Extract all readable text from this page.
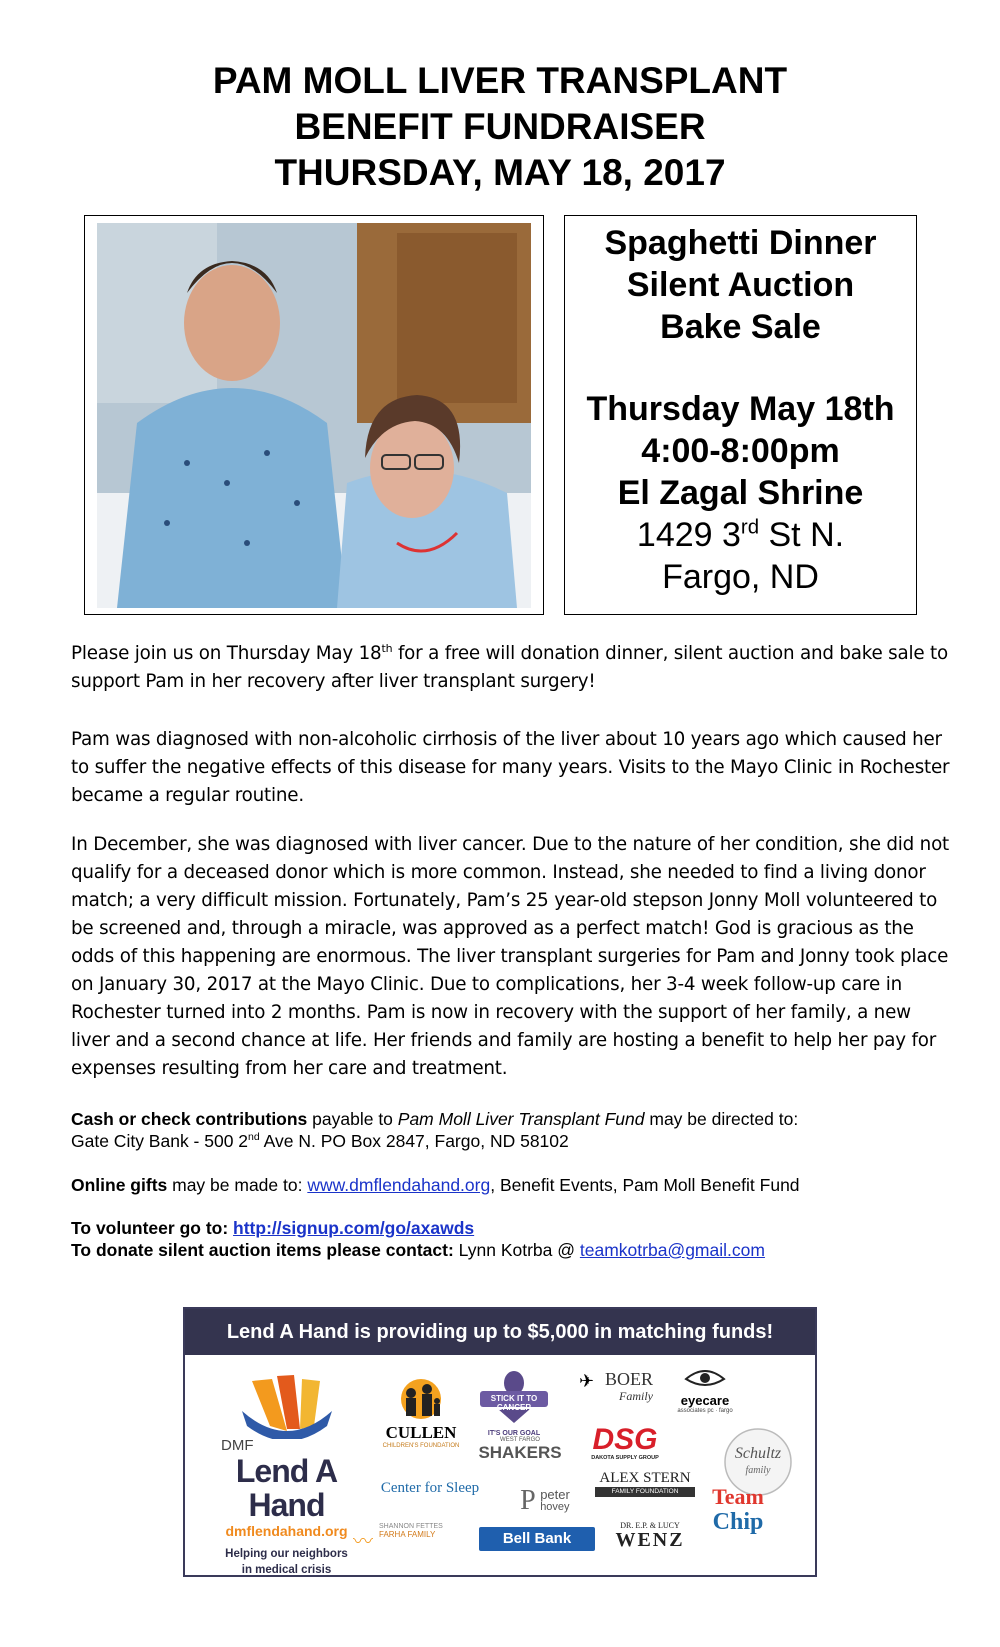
PAM MOLL LIVER TRANSPLANT
BENEFIT FUNDRAISER
THURSDAY, MAY 18, 2017
Spaghetti Dinner
Silent Auction
Bake Sale
Thursday May 18th
4:00-8:00pm
El Zagal Shrine
1429 3rd St N.
Fargo, ND
Please join us on Thursday May 18th for a free will donation dinner, silent auction and bake sale to support Pam in her recovery after liver transplant surgery!
Pam was diagnosed with non-alcoholic cirrhosis of the liver about 10 years ago which caused her to suffer the negative effects of this disease for many years. Visits to the Mayo Clinic in Rochester became a regular routine.
In December, she was diagnosed with liver cancer. Due to the nature of her condition, she did not qualify for a deceased donor which is more common. Instead, she needed to find a living donor match; a very difficult mission. Fortunately, Pam’s 25 year-old stepson Jonny Moll volunteered to be screened and, through a miracle, was approved as a perfect match! God is gracious as the odds of this happening are enormous. The liver transplant surgeries for Pam and Jonny took place on January 30, 2017 at the Mayo Clinic. Due to complications, her 3-4 week follow-up care in Rochester turned into 2 months. Pam is now in recovery with the support of her family, a new liver and a second chance at life. Her friends and family are hosting a benefit to help her pay for expenses resulting from her care and treatment.
Cash or check contributions payable to Pam Moll Liver Transplant Fund may be directed to:
Gate City Bank - 500 2nd Ave N. PO Box 2847, Fargo, ND 58102
Online gifts may be made to: www.dmflendahand.org, Benefit Events, Pam Moll Benefit Fund
To volunteer go to: http://signup.com/go/axawds
To donate silent auction items please contact: Lynn Kotrba @ teamkotrba@gmail.com
Lend A Hand is providing up to $5,000 in matching funds!
DMF
Lend A Hand
dmflendahand.org
Helping our neighbors
in medical crisis
CULLEN
CHILDREN'S FOUNDATION
STICK IT TO CANCER
IT'S OUR GOAL
BOER
Family
✈
eyecare
associates pc · fargo
Schultz
family
WEST FARGO
SHAKERS	DSG
DAKOTA SUPPLY GROUP
Center for Sleep	P peter
hovey
ALEX STERN
FAMILY FOUNDATION	Team
Chip
〰
SHANNON FETTES
FARHA FAMILY	Bell Bank
DR. E.P. & LUCY
WENZ
